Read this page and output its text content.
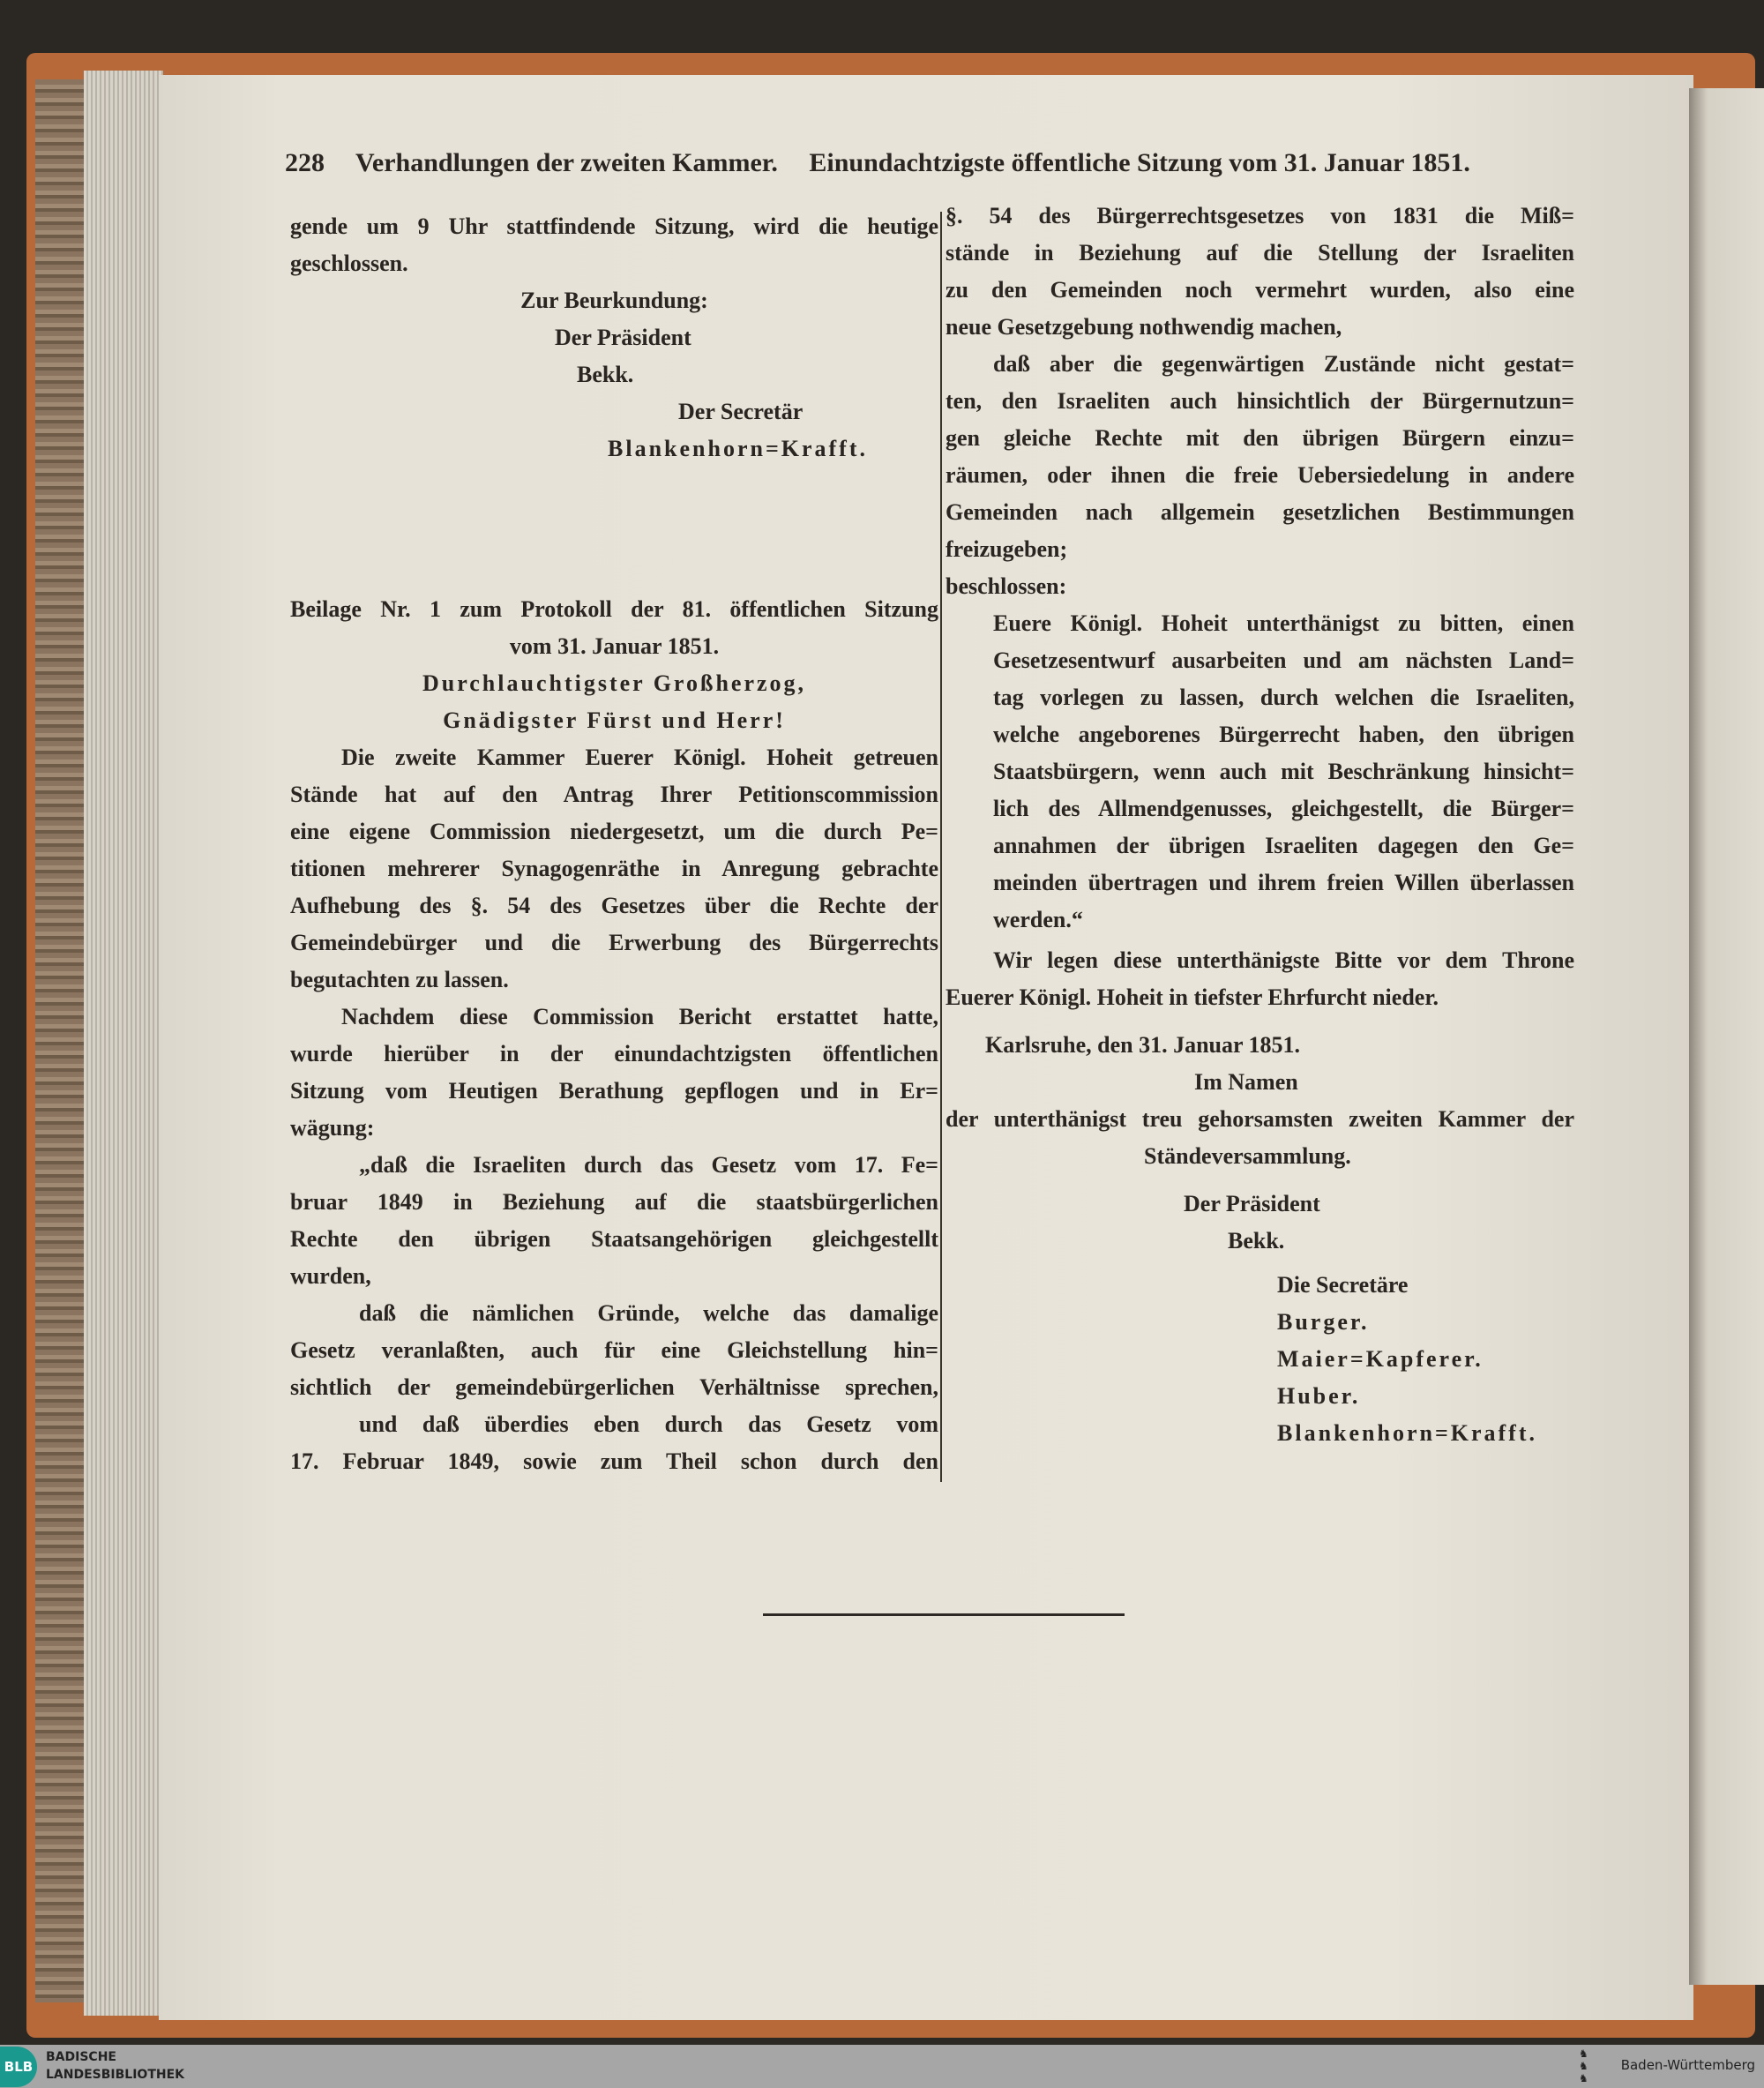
228 Verhandlungen der zweiten Kammer. Einundachtzigste öffentliche Sitzung vom 31. Januar 1851.
gende um 9 Uhr stattfindende Sitzung, wird die heutige
geschlossen.
Zur Beurkundung:
Der Präsident
Bekk.
Der Secretär
Blankenhorn=Krafft.
Beilage Nr. 1 zum Protokoll der 81. öffentlichen Sitzung
vom 31. Januar 1851.
Durchlauchtigster Großherzog,
Gnädigster Fürst und Herr!
Die zweite Kammer Euerer Königl. Hoheit getreuen
Stände hat auf den Antrag Ihrer Petitionscommission
eine eigene Commission niedergesetzt, um die durch Pe=
titionen mehrerer Synagogenräthe in Anregung gebrachte
Aufhebung des §. 54 des Gesetzes über die Rechte der
Gemeindebürger und die Erwerbung des Bürgerrechts
begutachten zu lassen.
Nachdem diese Commission Bericht erstattet hatte,
wurde hierüber in der einundachtzigsten öffentlichen
Sitzung vom Heutigen Berathung gepflogen und in Er=
wägung:
„daß die Israeliten durch das Gesetz vom 17. Fe=
bruar 1849 in Beziehung auf die staatsbürgerlichen
Rechte den übrigen Staatsangehörigen gleichgestellt
wurden,
daß die nämlichen Gründe, welche das damalige
Gesetz veranlaßten, auch für eine Gleichstellung hin=
sichtlich der gemeindebürgerlichen Verhältnisse sprechen,
und daß überdies eben durch das Gesetz vom
17. Februar 1849, sowie zum Theil schon durch den
§. 54 des Bürgerrechtsgesetzes von 1831 die Miß=
stände in Beziehung auf die Stellung der Israeliten
zu den Gemeinden noch vermehrt wurden, also eine
neue Gesetzgebung nothwendig machen,
daß aber die gegenwärtigen Zustände nicht gestat=
ten, den Israeliten auch hinsichtlich der Bürgernutzun=
gen gleiche Rechte mit den übrigen Bürgern einzu=
räumen, oder ihnen die freie Uebersiedelung in andere
Gemeinden nach allgemein gesetzlichen Bestimmungen
freizugeben;
beschlossen:
Euere Königl. Hoheit unterthänigst zu bitten, einen
Gesetzesentwurf ausarbeiten und am nächsten Land=
tag vorlegen zu lassen, durch welchen die Israeliten,
welche angeborenes Bürgerrecht haben, den übrigen
Staatsbürgern, wenn auch mit Beschränkung hinsicht=
lich des Allmendgenusses, gleichgestellt, die Bürger=
annahmen der übrigen Israeliten dagegen den Ge=
meinden übertragen und ihrem freien Willen überlassen
werden.“
Wir legen diese unterthänigste Bitte vor dem Throne
Euerer Königl. Hoheit in tiefster Ehrfurcht nieder.
Karlsruhe, den 31. Januar 1851.
Im Namen
der unterthänigst treu gehorsamsten zweiten Kammer der
Ständeversammlung.
Der Präsident
Bekk.
Die Secretäre
Burger.
Maier=Kapferer.
Huber.
Blankenhorn=Krafft.
BLB
BADISCHE
LANDESBIBLIOTHEK
♞
♞
♞
Baden-Württemberg
